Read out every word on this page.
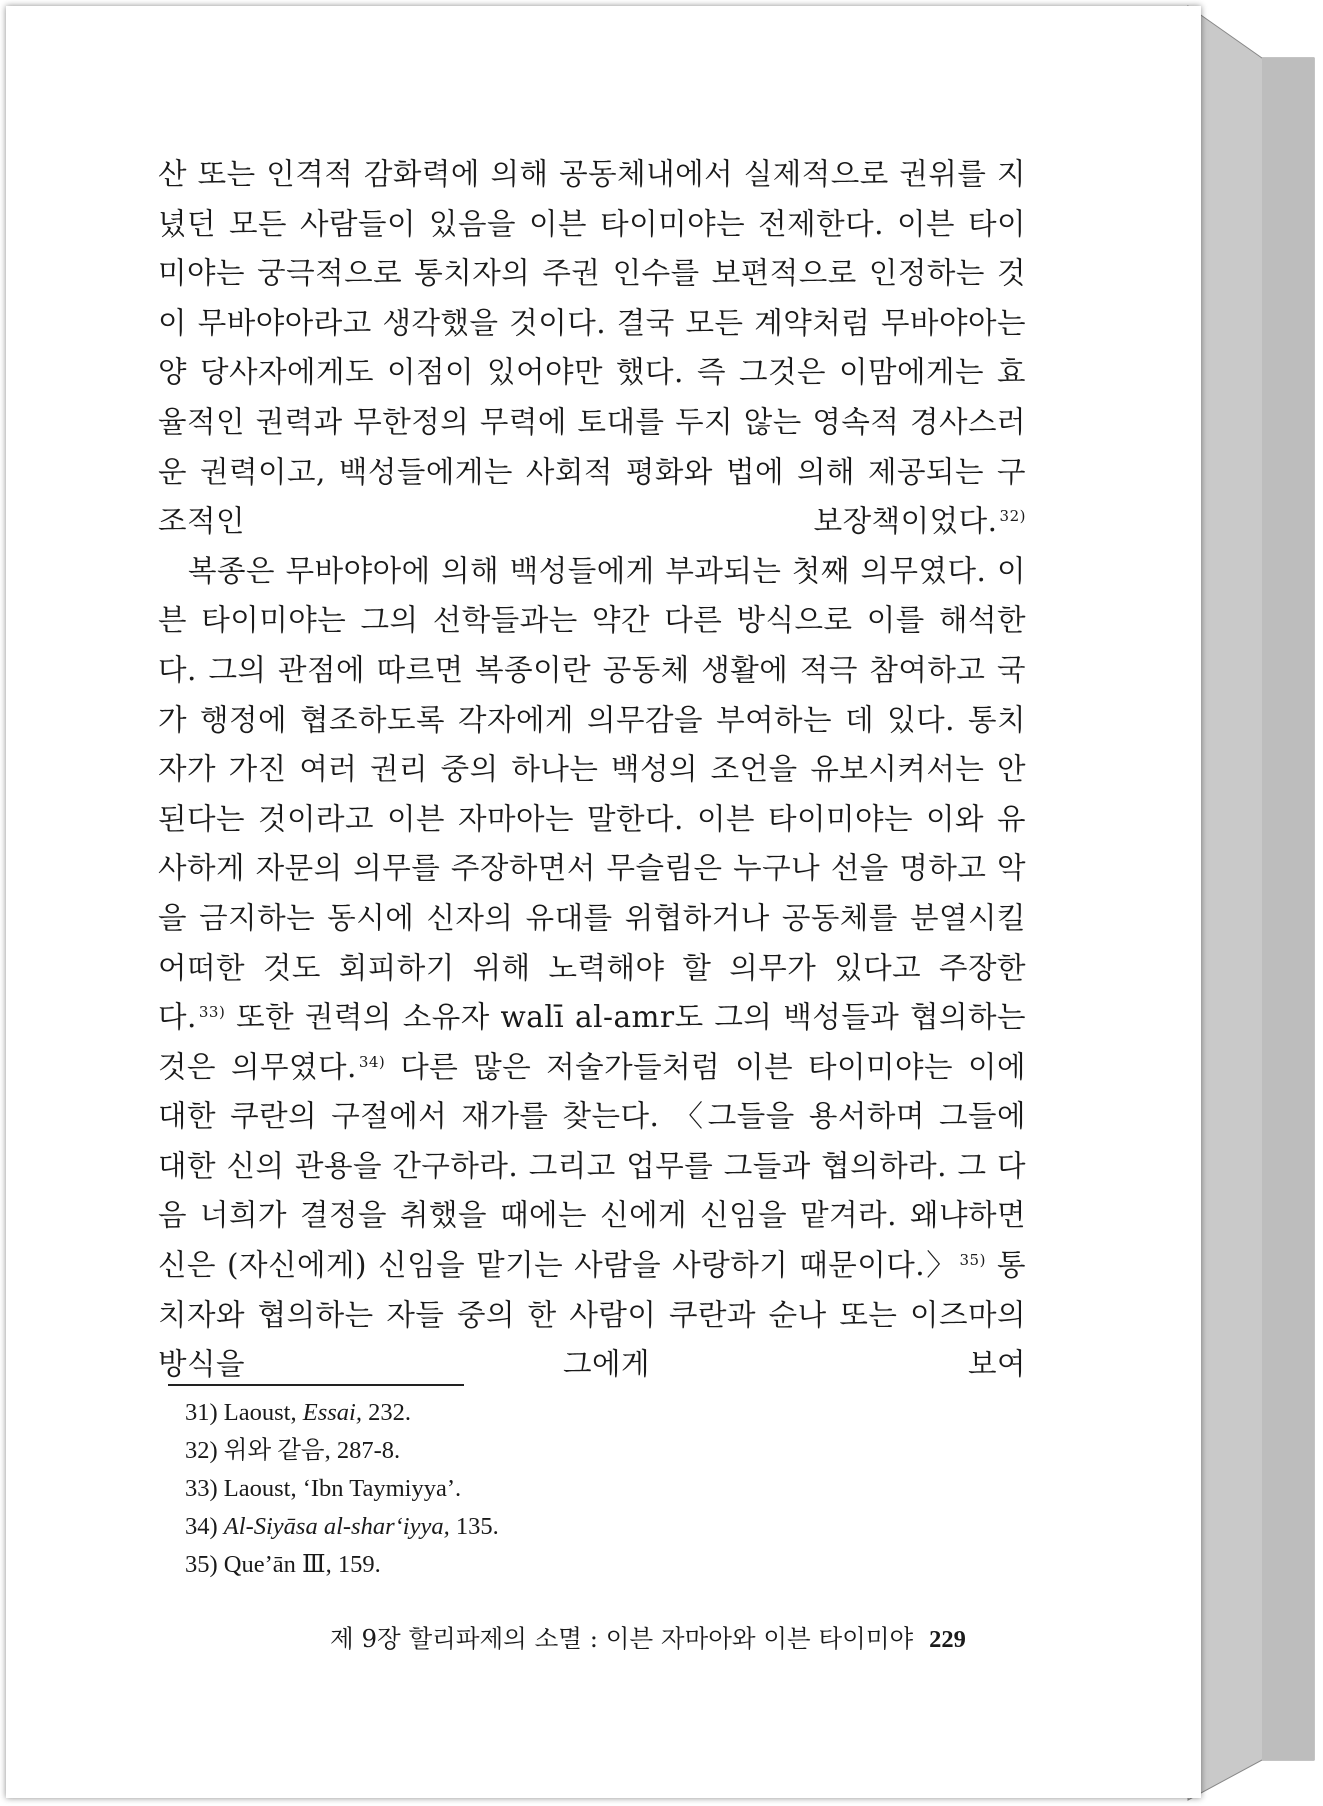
산 또는 인격적 감화력에 의해 공동체내에서 실제적으로 권위를 지녔던 모든 사람들이 있음을 이븐 타이미야는 전제한다. 이븐 타이미야는 궁극적으로 통치자의 주권 인수를 보편적으로 인정하는 것이 무바야아라고 생각했을 것이다. 결국 모든 계약처럼 무바야아는 양 당사자에게도 이점이 있어야만 했다. 즉 그것은 이맘에게는 효율적인 권력과 무한정의 무력에 토대를 두지 않는 영속적 경사스러운 권력이고, 백성들에게는 사회적 평화와 법에 의해 제공되는 구조적인 보장책이었다. $^{32)}$

복종은 무바야아에 의해 백성들에게 부과되는 첫째 의무였다. 이븐 타이미야는 그의 선학들과는 약간 다른 방식으로 이를 해석한다. 그의 관점에 따르면 복종이란 공동체 생활에 적극 참여하고 국가 행정에 협조하도록 각자에게 의무감을 부여하는 데 있다. 통치자가 가진 여러 권리 중의 하나는 백성의 조언을 유보시켜서는 안 된다는 것이라고 이븐 자마아는 말한다. 이븐 타이미야는 이와 유사하게 자문의 의무를 주장하면서 무슬림은 누구나 선을 명하고 악을 금지하는 동시에 신자의 유대를 위협하거나 공동체를 분열시킬 어떠한 것도 회피하기 위해 노력해야 할 의무가 있다고 주장한다. $^{33)}$ 또한 권력의 소유자 walī al-amr도 그의 백성들과 협의하는 것은 의무였다. $^{34)}$ 다른 많은 저술가들처럼 이븐 타이미야는 이에 대한 쿠란의 구절에서 재가를 찾는다. 〈그들을 용서하며 그들에 대한 신의 관용을 간구하라. 그리고 업무를 그들과 협의하라. 그 다음 너희가 결정을 취했을 때에는 신에게 신임을 맡겨라. 왜냐하면 신은 (자신에게) 신임을 맡기는 사람을 사랑하기 때문이다.〉 $^{35)}$ 통치자와 협의하는 자들 중의 한 사람이 쿠란과 순나 또는 이즈마의 방식을 그에게 보여

31) Laoust, Essai, 232.
32) 위와 같음, 287-8.
33) Laoust, ‘Ibn Taymiyya’.
34) Al-Siyāsa al-shar‘iyya, 135.
35) Que’ān Ⅲ, 159.
제 9장 할리파제의 소멸 : 이븐 자마아와 이븐 타이미야 229
